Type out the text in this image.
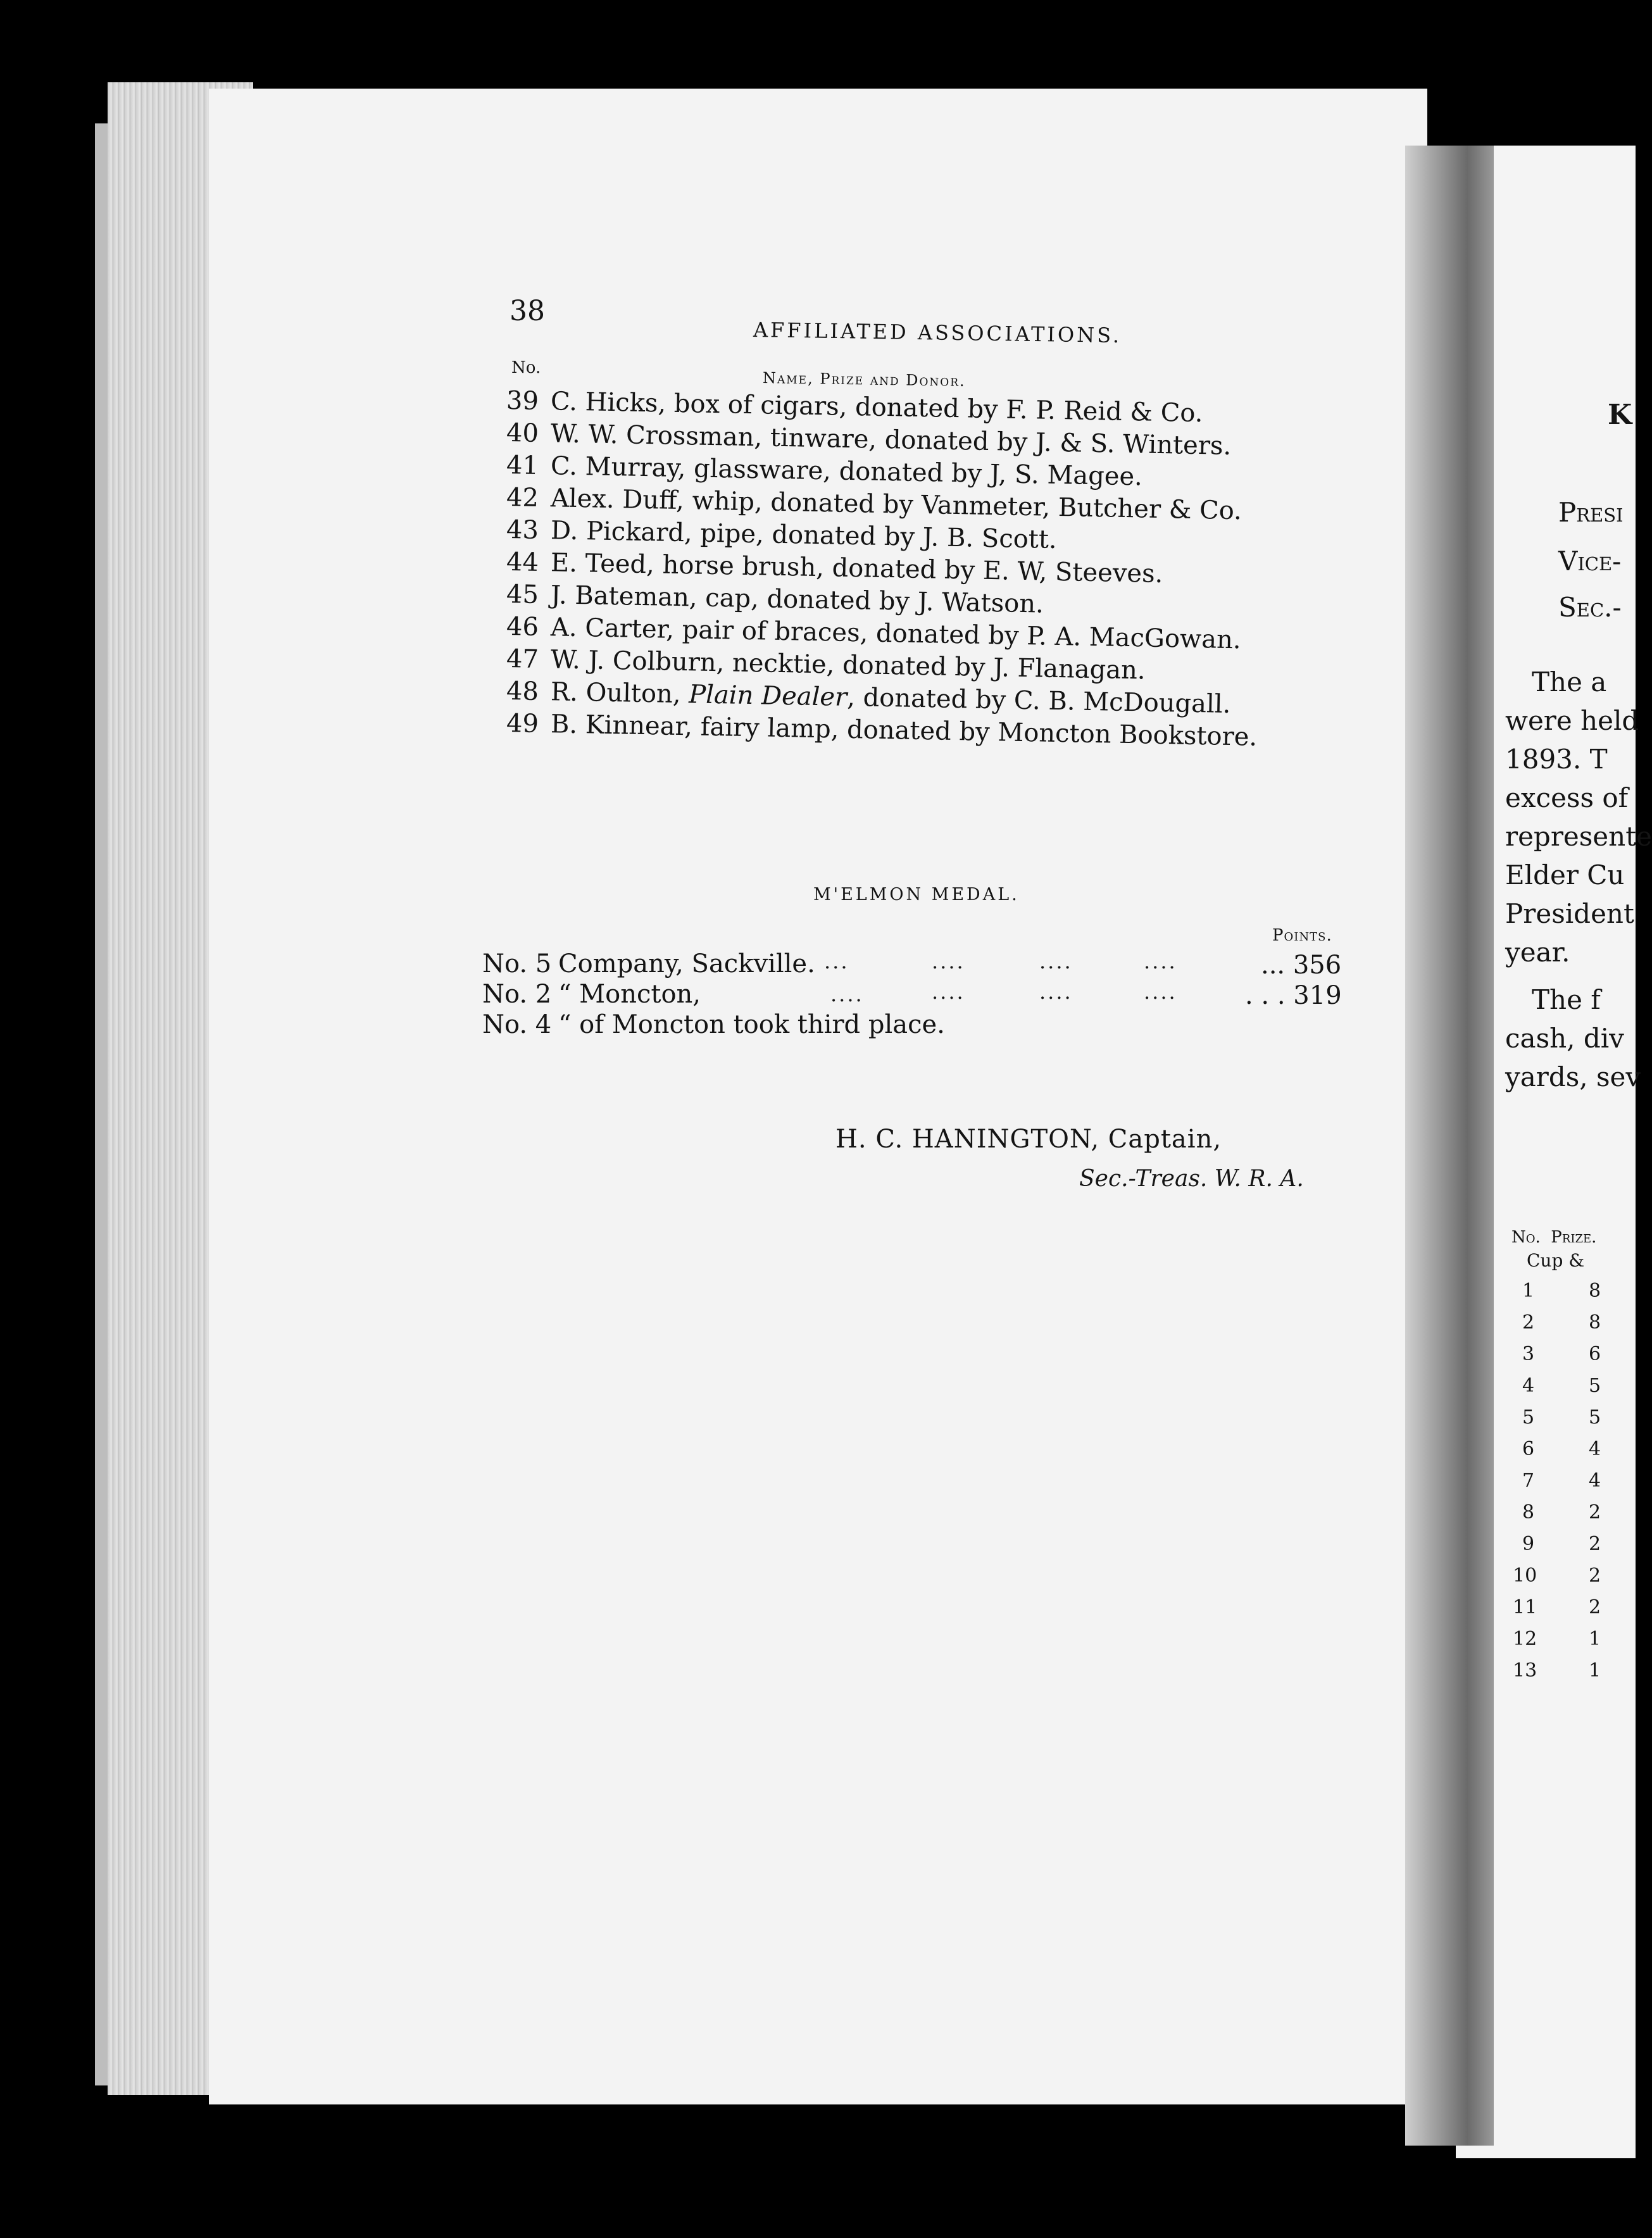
38
AFFILIATED ASSOCIATIONS.
No.
Name, Prize and Donor.
39 C. Hicks, box of cigars, donated by F. P. Reid & Co.
40 W. W. Crossman, tinware, donated by J. & S. Winters.
41 C. Murray, glassware, donated by J, S. Magee.
42 Alex. Duff, whip, donated by Vanmeter, Butcher & Co.
43 D. Pickard, pipe, donated by J. B. Scott.
44 E. Teed, horse brush, donated by E. W, Steeves.
45 J. Bateman, cap, donated by J. Watson.
46 A. Carter, pair of braces, donated by P. A. MacGowan.
47 W. J. Colburn, necktie, donated by J. Flanagan.
48 R. Oulton, Plain Dealer, donated by C. B. McDougall.
49 B. Kinnear, fairy lamp, donated by Moncton Bookstore.
M'ELMON MEDAL.
Points.
No. 5 Company, Sackville. ...	....	....	....	... 356
No. 2 “ Moncton,	....	....	....	....	. . . 319
No. 4 “ of Moncton took third place.
H. C. HANINGTON, Captain,
Sec.-Treas. W. R. A.
K
Presi
Vice-
Sec.-
The a
were held
1893. T
excess of
represente
Elder Cu
President
year.
The f
cash, div
yards, sev
No.  Prize.
Cup &
1	8
2	8
3	6
4	5
5	5
6	4
7	4
8	2
9	2
10	2
11	2
12	1
13	1
